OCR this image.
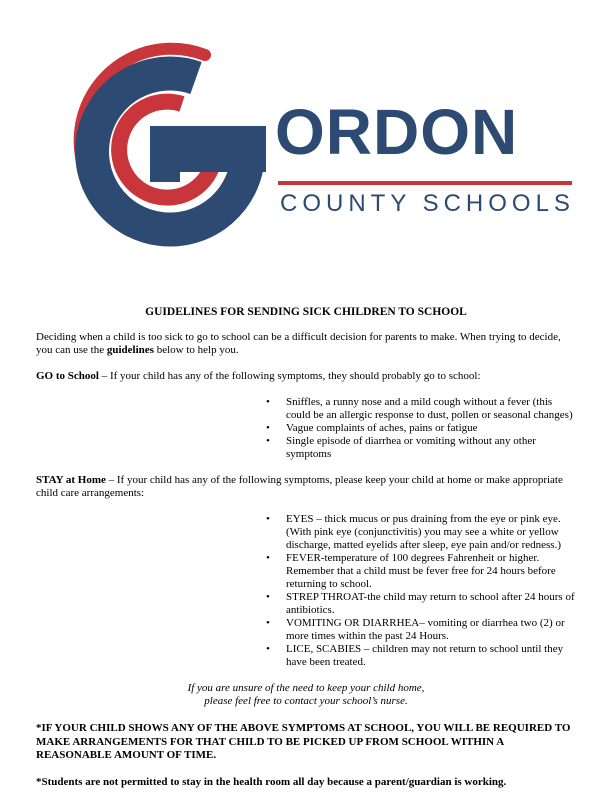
ORDON
COUNTY SCHOOLS

GUIDELINES FOR SENDING SICK CHILDREN TO SCHOOL

Deciding when a child is too sick to go to school can be a difficult decision for parents to make. When trying to decide, you can use the guidelines below to help you.

GO to School – If your child has any of the following symptoms, they should probably go to school:

• Sniffles, a runny nose and a mild cough without a fever (this could be an allergic response to dust, pollen or seasonal changes)
• Vague complaints of aches, pains or fatigue
• Single episode of diarrhea or vomiting without any other symptoms

STAY at Home – If your child has any of the following symptoms, please keep your child at home or make appropriate child care arrangements:

• EYES – thick mucus or pus draining from the eye or pink eye. (With pink eye (conjunctivitis) you may see a white or yellow discharge, matted eyelids after sleep, eye pain and/or redness.)
• FEVER-temperature of 100 degrees Fahrenheit or higher. Remember that a child must be fever free for 24 hours before returning to school.
• STREP THROAT-the child may return to school after 24 hours of antibiotics.
• VOMITING OR DIARRHEA– vomiting or diarrhea two (2) or more times within the past 24 Hours.
• LICE, SCABIES – children may not return to school until they have been treated.

If you are unsure of the need to keep your child home,
please feel free to contact your school’s nurse.

*IF YOUR CHILD SHOWS ANY OF THE ABOVE SYMPTOMS AT SCHOOL, YOU WILL BE REQUIRED TO MAKE ARRANGEMENTS FOR THAT CHILD TO BE PICKED UP FROM SCHOOL WITHIN A REASONABLE AMOUNT OF TIME.

*Students are not permitted to stay in the health room all day because a parent/guardian is working.
